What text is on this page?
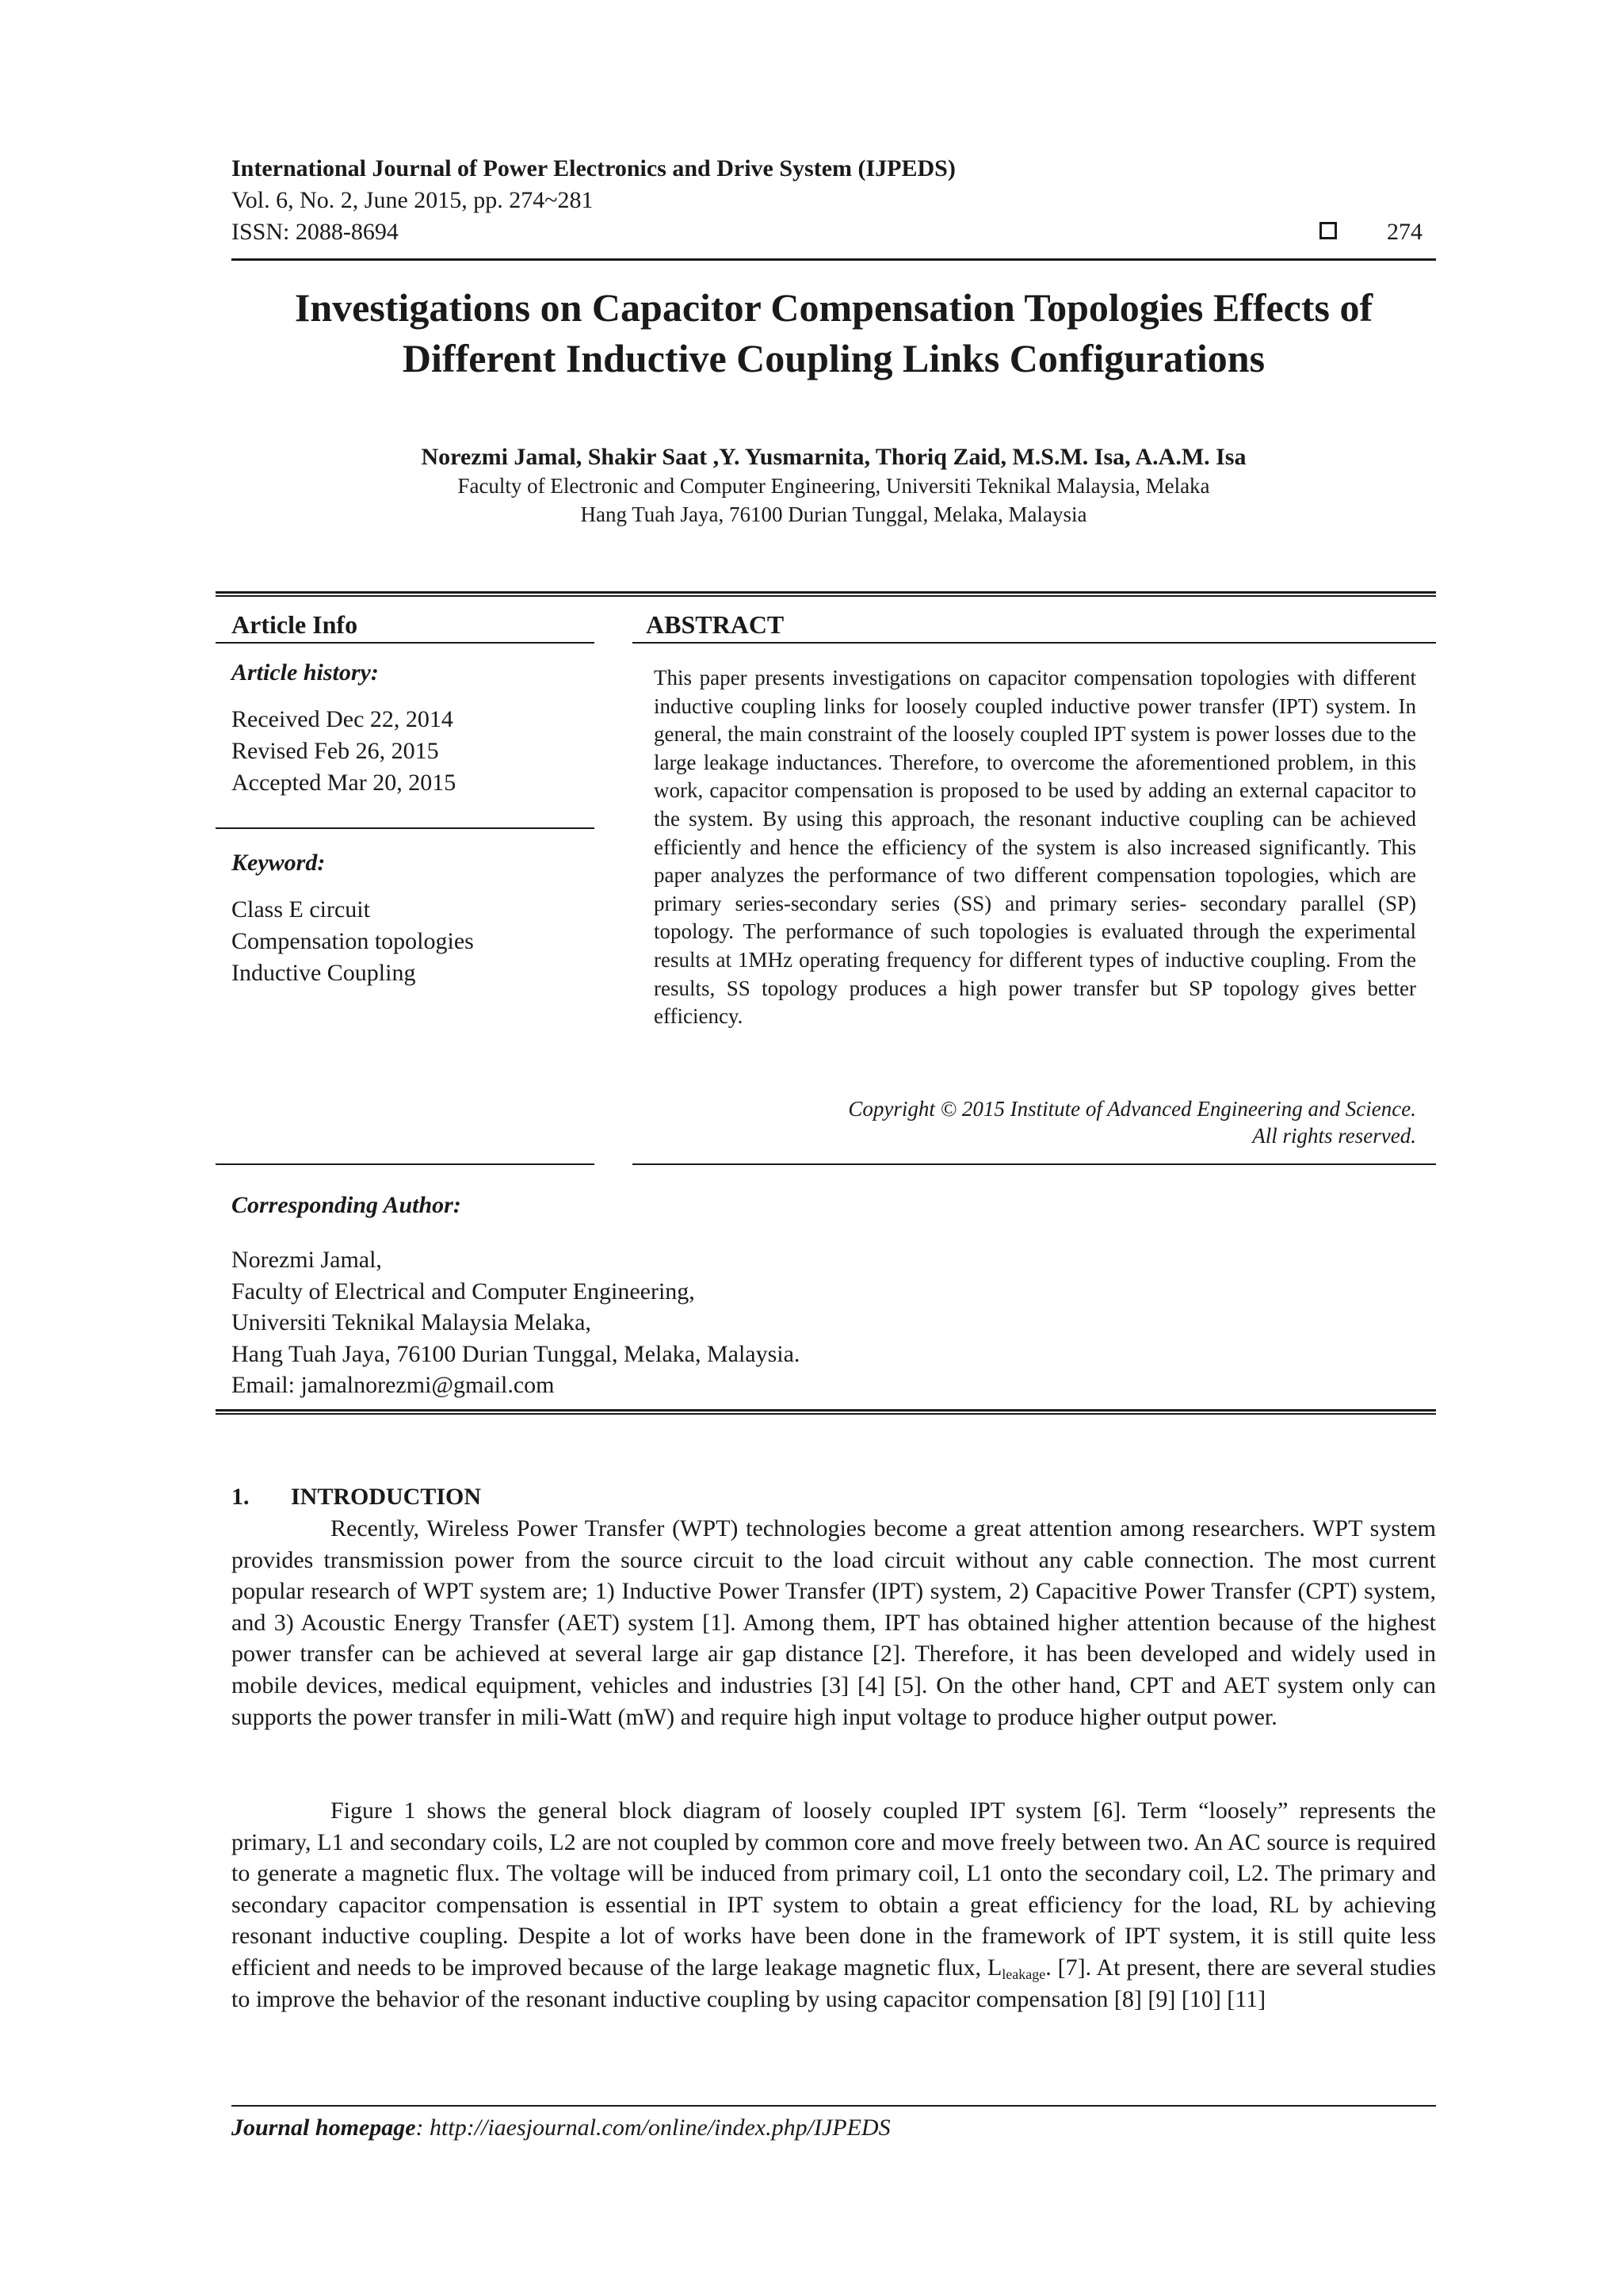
International Journal of Power Electronics and Drive System (IJPEDS)
Vol. 6, No. 2, June 2015, pp. 274~281
ISSN: 2088-8694	274
Investigations on Capacitor Compensation Topologies Effects of
Different Inductive Coupling Links Configurations
Norezmi Jamal, Shakir Saat ,Y. Yusmarnita, Thoriq Zaid, M.S.M. Isa, A.A.M. Isa
Faculty of Electronic and Computer Engineering, Universiti Teknikal Malaysia, Melaka
Hang Tuah Jaya, 76100 Durian Tunggal, Melaka, Malaysia
Article Info
Article history:
Received Dec 22, 2014
Revised Feb 26, 2015
Accepted Mar 20, 2015
Keyword:
Class E circuit
Compensation topologies
Inductive Coupling
ABSTRACT
This paper presents investigations on capacitor compensation topologies with different inductive coupling links for loosely coupled inductive power transfer (IPT) system. In general, the main constraint of the loosely coupled IPT system is power losses due to the large leakage inductances. Therefore, to overcome the aforementioned problem, in this work, capacitor compensation is proposed to be used by adding an external capacitor to the system. By using this approach, the resonant inductive coupling can be achieved efficiently and hence the efficiency of the system is also increased significantly. This paper analyzes the performance of two different compensation topologies, which are primary series-secondary series (SS) and primary series- secondary parallel (SP) topology. The performance of such topologies is evaluated through the experimental results at 1MHz operating frequency for different types of inductive coupling. From the results, SS topology produces a high power transfer but SP topology gives better efficiency.
Copyright © 2015 Institute of Advanced Engineering and Science.
All rights reserved.
Corresponding Author:
Norezmi Jamal,
Faculty of Electrical and Computer Engineering,
Universiti Teknikal Malaysia Melaka,
Hang Tuah Jaya, 76100 Durian Tunggal, Melaka, Malaysia.
Email: jamalnorezmi@gmail.com
1. INTRODUCTION

Recently, Wireless Power Transfer (WPT) technologies become a great attention among researchers. WPT system provides transmission power from the source circuit to the load circuit without any cable connection. The most current popular research of WPT system are; 1) Inductive Power Transfer (IPT) system, 2) Capacitive Power Transfer (CPT) system, and 3) Acoustic Energy Transfer (AET) system [1]. Among them, IPT has obtained higher attention because of the highest power transfer can be achieved at several large air gap distance [2]. Therefore, it has been developed and widely used in mobile devices, medical equipment, vehicles and industries [3] [4] [5]. On the other hand, CPT and AET system only can supports the power transfer in mili-Watt (mW) and require high input voltage to produce higher output power.

Figure 1 shows the general block diagram of loosely coupled IPT system [6]. Term “loosely” represents the primary, L1 and secondary coils, L2 are not coupled by common core and move freely between two. An AC source is required to generate a magnetic flux. The voltage will be induced from primary coil, L1 onto the secondary coil, L2. The primary and secondary capacitor compensation is essential in IPT system to obtain a great efficiency for the load, RL by achieving resonant inductive coupling. Despite a lot of works have been done in the framework of IPT system, it is still quite less efficient and needs to be improved because of the large leakage magnetic flux, $L_{leakage}$. [7]. At present, there are several studies to improve the behavior of the resonant inductive coupling by using capacitor compensation [8] [9] [10] [11]

Journal homepage: http://iaesjournal.com/online/index.php/IJPEDS
